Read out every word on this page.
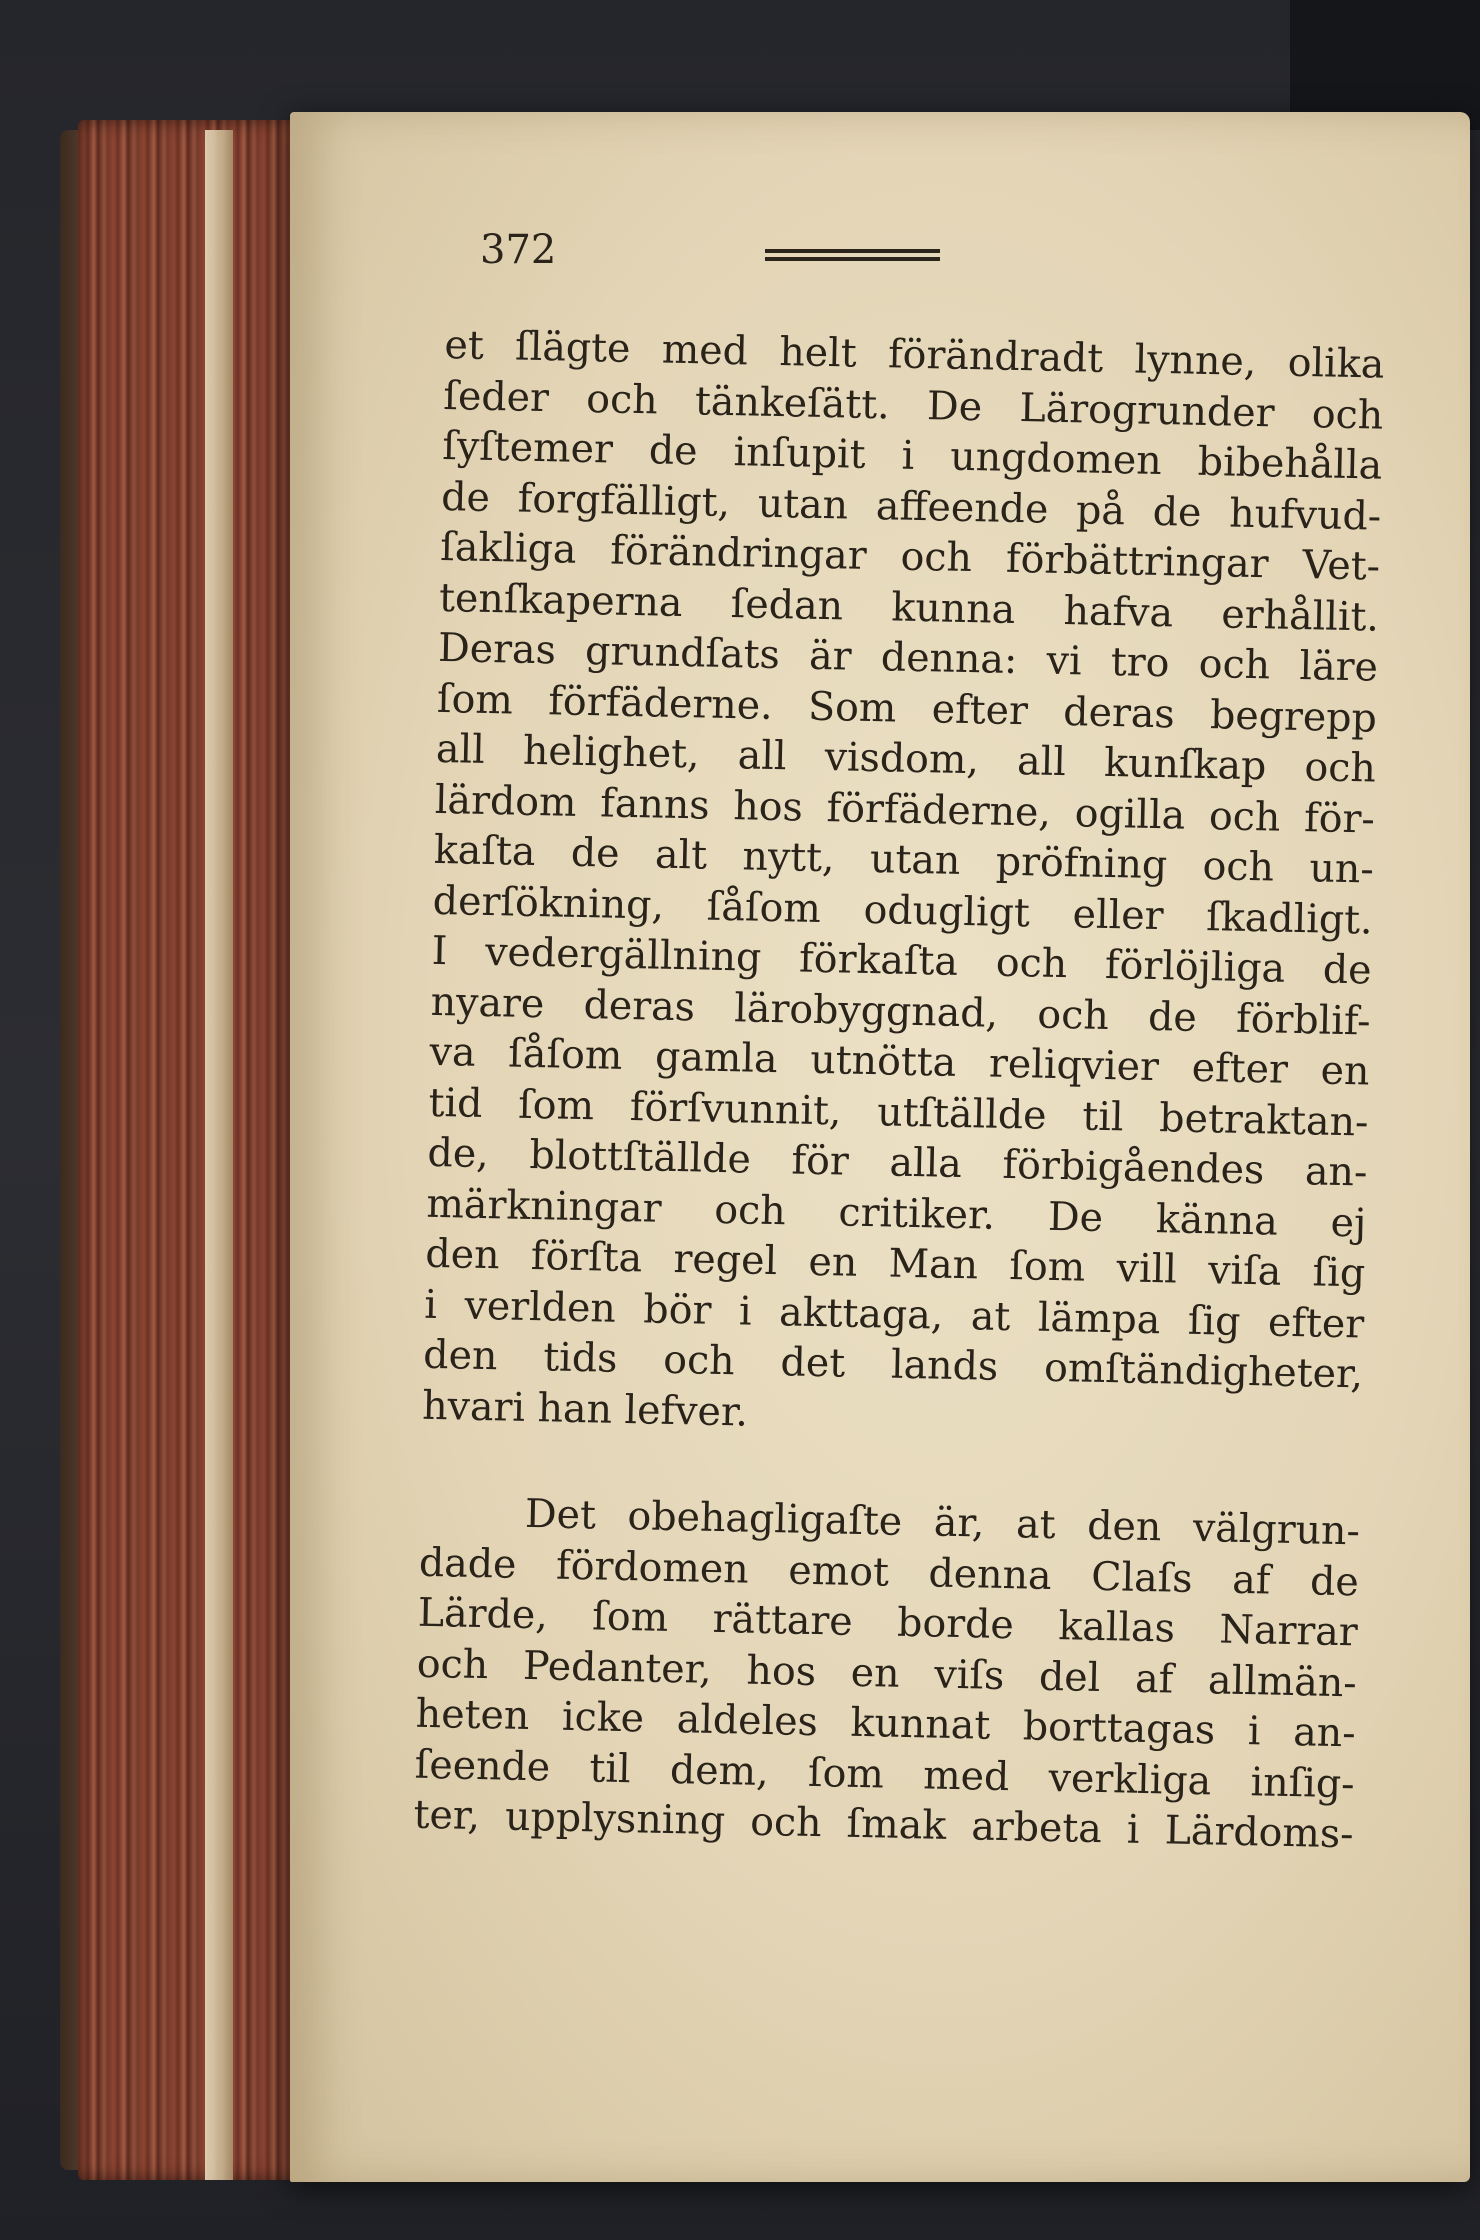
372
et ſlägte med helt förändradt lynne, olika
ſeder och tänkeſätt. De Lärogrunder och
ſyſtemer de inſupit i ungdomen bibehålla
de forgfälligt, utan affeende på de hufvud-
ſakliga förändringar och förbättringar Vet-
tenſkaperna ſedan kunna hafva erhållit.
Deras grundſats är denna: vi tro och läre
ſom förfäderne. Som efter deras begrepp
all helighet, all visdom, all kunſkap och
lärdom fanns hos förfäderne, ogilla och för-
kaſta de alt nytt, utan pröfning och un-
derſökning, ſåſom odugligt eller ſkadligt.
I vedergällning förkaſta och förlöjliga de
nyare deras lärobyggnad, och de förblif-
va ſåſom gamla utnötta reliqvier efter en
tid ſom förſvunnit, utſtällde til betraktan-
de, blottſtällde för alla förbigåendes an-
märkningar och critiker. De känna ej
den förſta regel en Man ſom vill viſa ſig
i verlden bör i akttaga, at lämpa ſig efter
den tids och det lands omſtändigheter,
hvari han lefver.
Det obehagligaſte är, at den välgrun-
dade fördomen emot denna Claſs af de
Lärde, ſom rättare borde kallas Narrar
och Pedanter, hos en viſs del af allmän-
heten icke aldeles kunnat borttagas i an-
ſeende til dem, ſom med verkliga inſig-
ter, upplysning och ſmak arbeta i Lärdoms-
